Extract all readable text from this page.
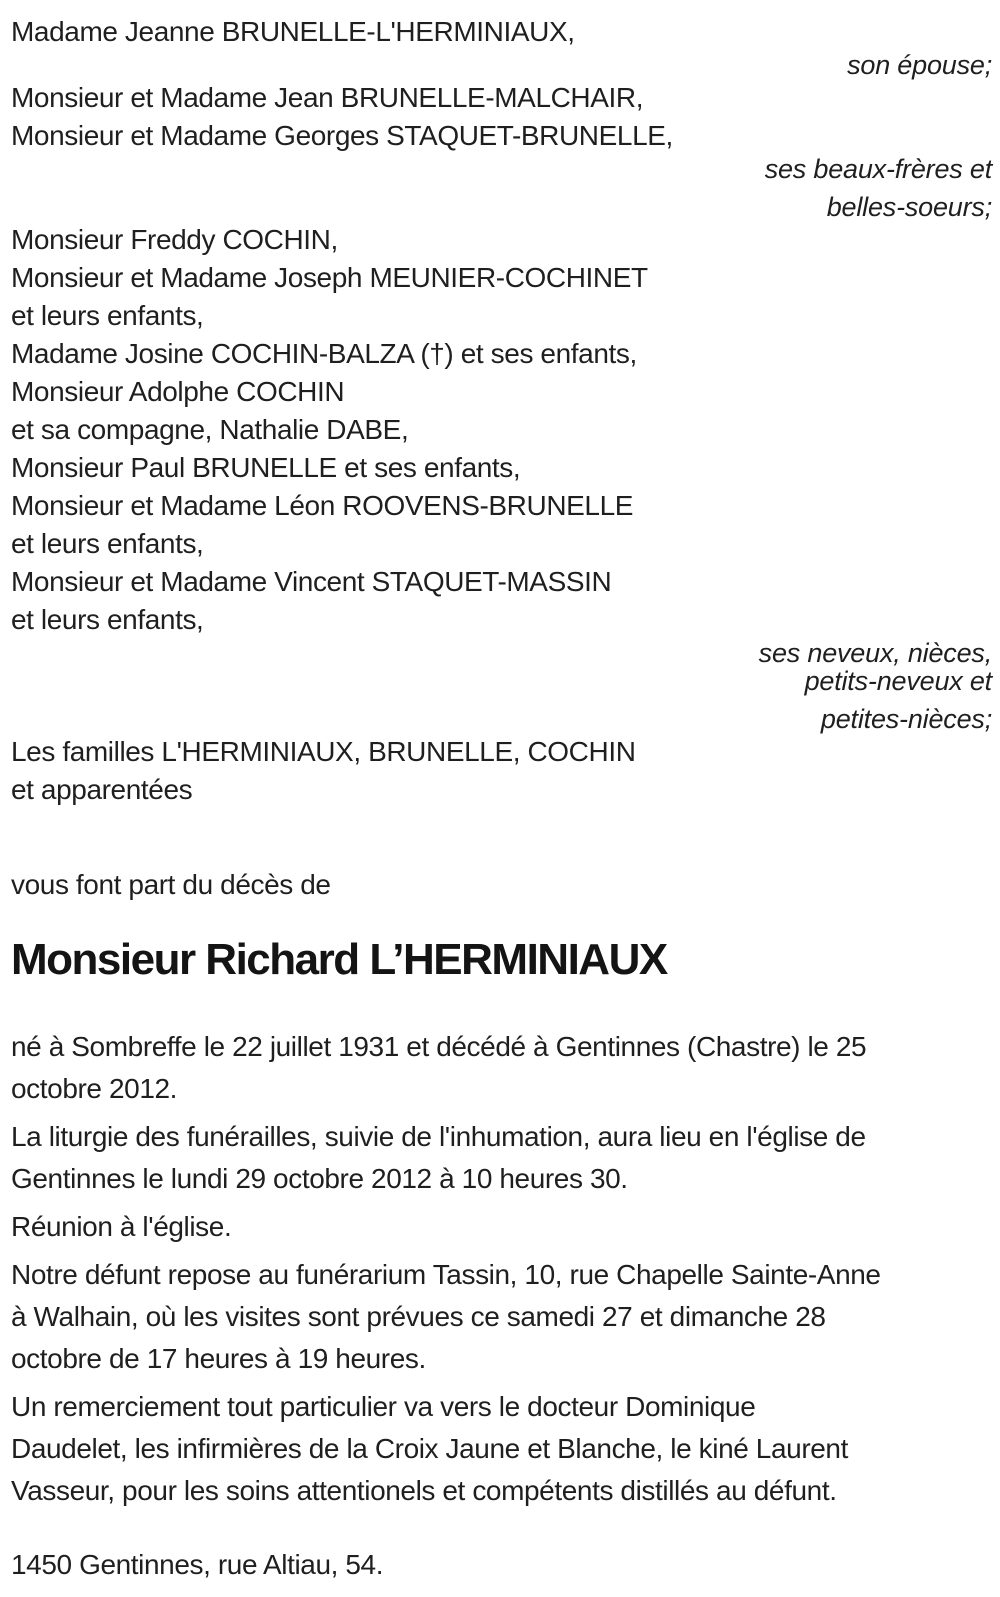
Madame Jeanne BRUNELLE-L'HERMINIAUX,
son épouse;
Monsieur et Madame Jean BRUNELLE-MALCHAIR,
Monsieur et Madame Georges STAQUET-BRUNELLE,
ses beaux-frères et
belles-soeurs;
Monsieur Freddy COCHIN,
Monsieur et Madame Joseph MEUNIER-COCHINET
et leurs enfants,
Madame Josine COCHIN-BALZA (†) et ses enfants,
Monsieur Adolphe COCHIN
et sa compagne, Nathalie DABE,
Monsieur Paul BRUNELLE et ses enfants,
Monsieur et Madame Léon ROOVENS-BRUNELLE
et leurs enfants,
Monsieur et Madame Vincent STAQUET-MASSIN
et leurs enfants,
ses neveux, nièces,
petits-neveux et
petites-nièces;
Les familles L'HERMINIAUX, BRUNELLE, COCHIN
et apparentées

vous font part du décès de

Monsieur Richard L’HERMINIAUX
né à Sombreffe le 22 juillet 1931 et décédé à Gentinnes (Chastre) le 25
octobre 2012.
La liturgie des funérailles, suivie de l'inhumation, aura lieu en l'église de
Gentinnes le lundi 29 octobre 2012 à 10 heures 30.
Réunion à l'église.
Notre défunt repose au funérarium Tassin, 10, rue Chapelle Sainte-Anne
à Walhain, où les visites sont prévues ce samedi 27 et dimanche 28
octobre de 17 heures à 19 heures.
Un remerciement tout particulier va vers le docteur Dominique
Daudelet, les infirmières de la Croix Jaune et Blanche, le kiné Laurent
Vasseur, pour les soins attentionels et compétents distillés au défunt.

1450 Gentinnes, rue Altiau, 54.
